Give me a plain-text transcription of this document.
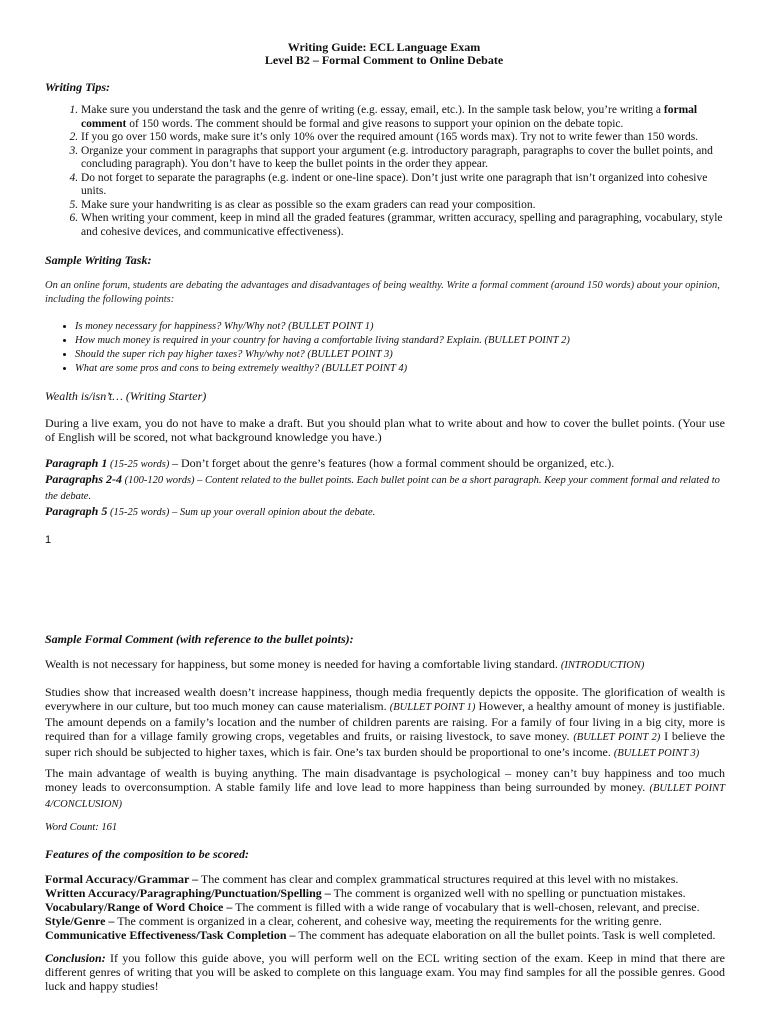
Writing Guide: ECL Language Exam
Level B2 – Formal Comment to Online Debate
Writing Tips:
1. Make sure you understand the task and the genre of writing (e.g. essay, email, etc.). In the sample task below, you’re writing a formal comment of 150 words. The comment should be formal and give reasons to support your opinion on the debate topic.
2. If you go over 150 words, make sure it’s only 10% over the required amount (165 words max). Try not to write fewer than 150 words.
3. Organize your comment in paragraphs that support your argument (e.g. introductory paragraph, paragraphs to cover the bullet points, and concluding paragraph). You don’t have to keep the bullet points in the order they appear.
4. Do not forget to separate the paragraphs (e.g. indent or one-line space). Don’t just write one paragraph that isn’t organized into cohesive units.
5. Make sure your handwriting is as clear as possible so the exam graders can read your composition.
6. When writing your comment, keep in mind all the graded features (grammar, written accuracy, spelling and paragraphing, vocabulary, style and cohesive devices, and communicative effectiveness).
Sample Writing Task:
On an online forum, students are debating the advantages and disadvantages of being wealthy. Write a formal comment (around 150 words) about your opinion, including the following points:
• Is money necessary for happiness? Why/Why not? (BULLET POINT 1)
• How much money is required in your country for having a comfortable living standard? Explain. (BULLET POINT 2)
• Should the super rich pay higher taxes? Why/why not? (BULLET POINT 3)
• What are some pros and cons to being extremely wealthy? (BULLET POINT 4)
Wealth is/isn’t… (Writing Starter)
During a live exam, you do not have to make a draft. But you should plan what to write about and how to cover the bullet points. (Your use of English will be scored, not what background knowledge you have.)
Paragraph 1 (15-25 words) – Don’t forget about the genre’s features (how a formal comment should be organized, etc.).
Paragraphs 2-4 (100-120 words) – Content related to the bullet points. Each bullet point can be a short paragraph. Keep your comment formal and related to the debate.
Paragraph 5 (15-25 words) – Sum up your overall opinion about the debate.
1
Sample Formal Comment (with reference to the bullet points):
Wealth is not necessary for happiness, but some money is needed for having a comfortable living standard. (INTRODUCTION)
Studies show that increased wealth doesn’t increase happiness, though media frequently depicts the opposite. The glorification of wealth is everywhere in our culture, but too much money can cause materialism. (BULLET POINT 1) However, a healthy amount of money is justifiable. The amount depends on a family’s location and the number of children parents are raising. For a family of four living in a big city, more is required than for a village family growing crops, vegetables and fruits, or raising livestock, to save money. (BULLET POINT 2) I believe the super rich should be subjected to higher taxes, which is fair. One’s tax burden should be proportional to one’s income. (BULLET POINT 3)
The main advantage of wealth is buying anything. The main disadvantage is psychological – money can’t buy happiness and too much money leads to overconsumption. A stable family life and love lead to more happiness than being surrounded by money. (BULLET POINT 4/CONCLUSION)
Word Count: 161
Features of the composition to be scored:
Formal Accuracy/Grammar – The comment has clear and complex grammatical structures required at this level with no mistakes.
Written Accuracy/Paragraphing/Punctuation/Spelling – The comment is organized well with no spelling or punctuation mistakes.
Vocabulary/Range of Word Choice – The comment is filled with a wide range of vocabulary that is well-chosen, relevant, and precise.
Style/Genre – The comment is organized in a clear, coherent, and cohesive way, meeting the requirements for the writing genre.
Communicative Effectiveness/Task Completion – The comment has adequate elaboration on all the bullet points. Task is well completed.
Conclusion: If you follow this guide above, you will perform well on the ECL writing section of the exam. Keep in mind that there are different genres of writing that you will be asked to complete on this language exam. You may find samples for all the possible genres. Good luck and happy studies!
